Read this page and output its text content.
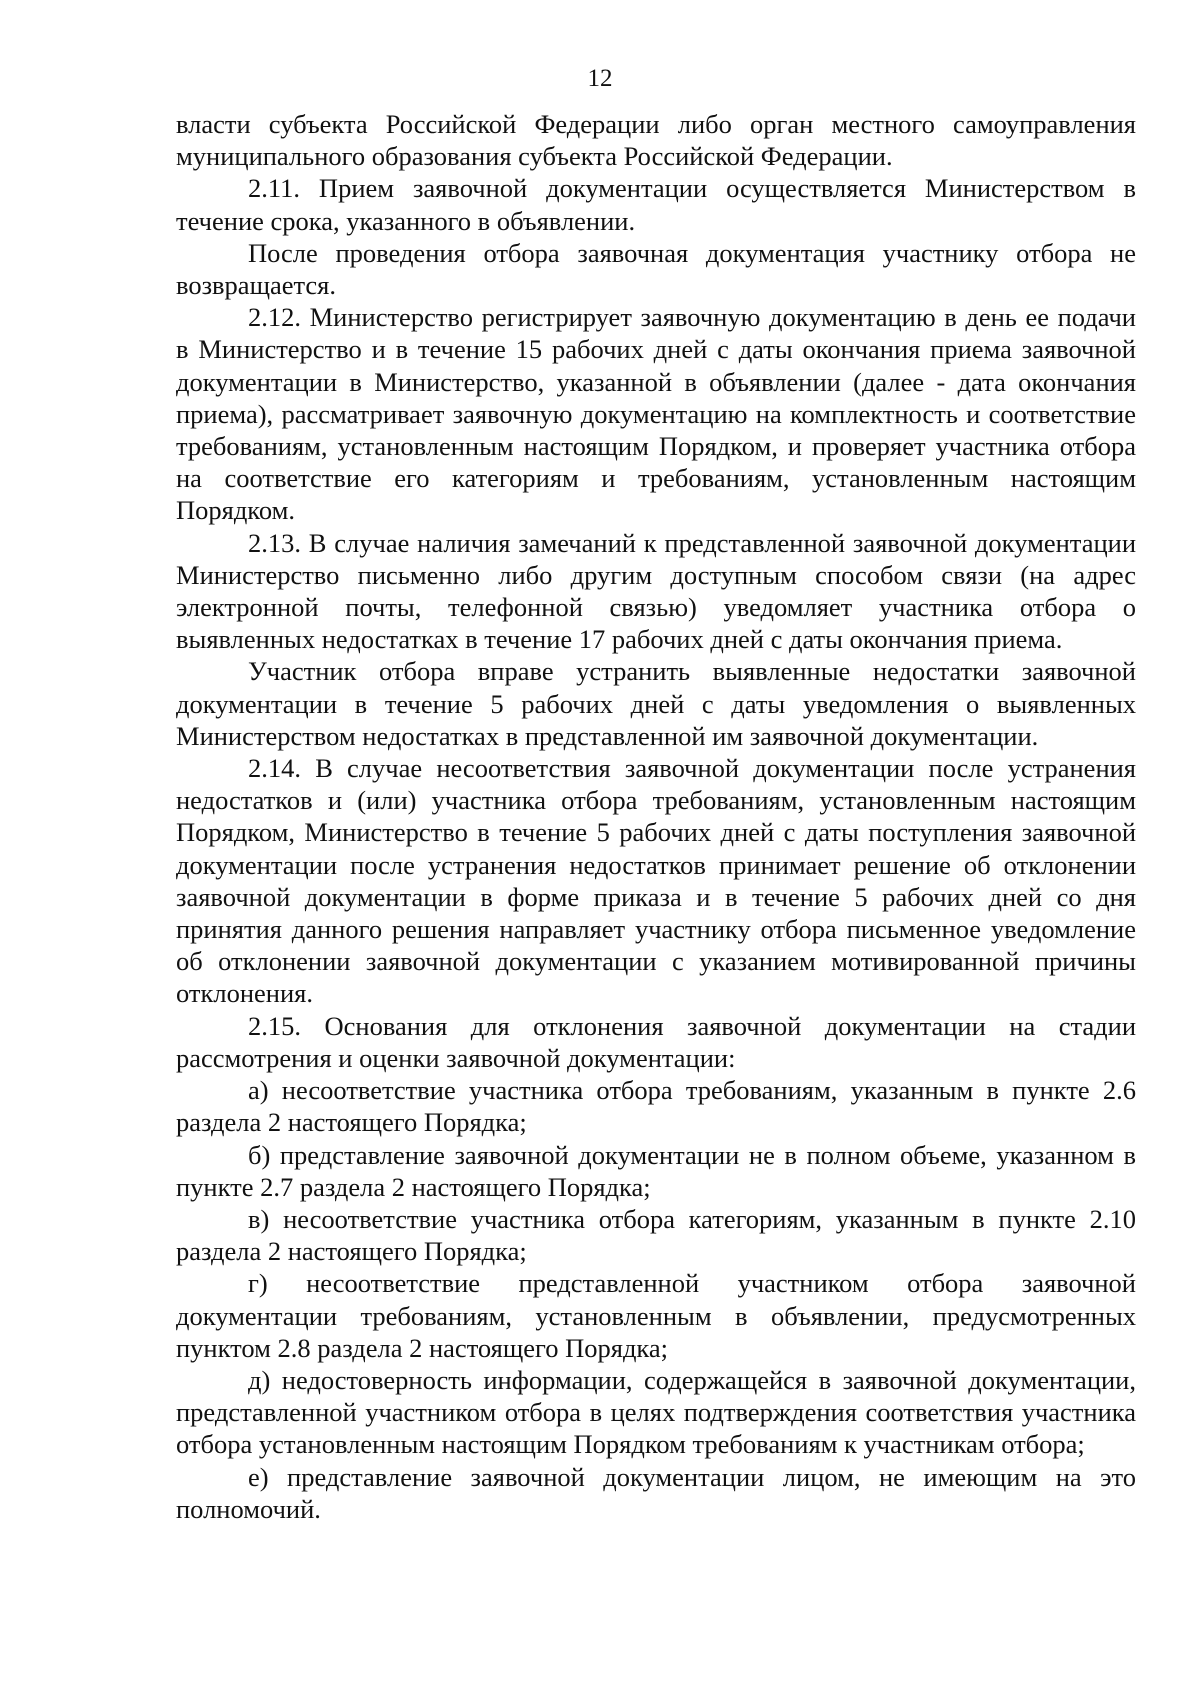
12

власти субъекта Российской Федерации либо орган местного самоуправления муниципального образования субъекта Российской Федерации.

2.11. Прием заявочной документации осуществляется Министерством в течение срока, указанного в объявлении.

После проведения отбора заявочная документация участнику отбора не возвращается.

2.12. Министерство регистрирует заявочную документацию в день ее подачи в Министерство и в течение 15 рабочих дней с даты окончания приема заявочной документации в Министерство, указанной в объявлении (далее - дата окончания приема), рассматривает заявочную документацию на комплектность и соответствие требованиям, установленным настоящим Порядком, и проверяет участника отбора на соответствие его категориям и требованиям, установленным настоящим Порядком.

2.13. В случае наличия замечаний к представленной заявочной документации Министерство письменно либо другим доступным способом связи (на адрес электронной почты, телефонной связью) уведомляет участника отбора о выявленных недостатках в течение 17 рабочих дней с даты окончания приема.

Участник отбора вправе устранить выявленные недостатки заявочной документации в течение 5 рабочих дней с даты уведомления о выявленных Министерством недостатках в представленной им заявочной документации.

2.14. В случае несоответствия заявочной документации после устранения недостатков и (или) участника отбора требованиям, установленным настоящим Порядком, Министерство в течение 5 рабочих дней с даты поступления заявочной документации после устранения недостатков принимает решение об отклонении заявочной документации в форме приказа и в течение 5 рабочих дней со дня принятия данного решения направляет участнику отбора письменное уведомление об отклонении заявочной документации с указанием мотивированной причины отклонения.

2.15. Основания для отклонения заявочной документации на стадии рассмотрения и оценки заявочной документации:

а) несоответствие участника отбора требованиям, указанным в пункте 2.6 раздела 2 настоящего Порядка;

б) представление заявочной документации не в полном объеме, указанном в пункте 2.7 раздела 2 настоящего Порядка;

в) несоответствие участника отбора категориям, указанным в пункте 2.10 раздела 2 настоящего Порядка;

г) несоответствие представленной участником отбора заявочной документации требованиям, установленным в объявлении, предусмотренных пунктом 2.8 раздела 2 настоящего Порядка;

д) недостоверность информации, содержащейся в заявочной документации, представленной участником отбора в целях подтверждения соответствия участника отбора установленным настоящим Порядком требованиям к участникам отбора;

е) представление заявочной документации лицом, не имеющим на это полномочий.
